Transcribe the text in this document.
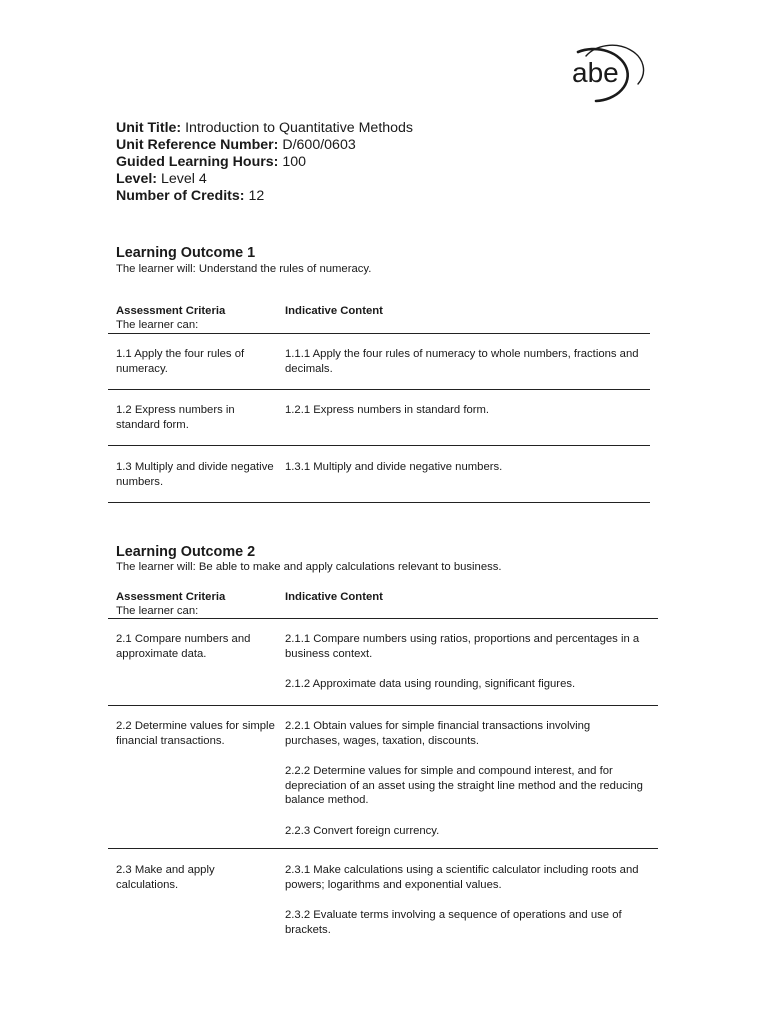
abe
Unit Title: Introduction to Quantitative Methods
Unit Reference Number: D/600/0603
Guided Learning Hours: 100
Level: Level 4
Number of Credits: 12
Learning Outcome 1
The learner will: Understand the rules of numeracy.
Assessment Criteria
The learner can:
Indicative Content
1.1 Apply the four rules of numeracy.
1.1.1 Apply the four rules of numeracy to whole numbers, fractions and decimals.
1.2 Express numbers in standard form.
1.2.1 Express numbers in standard form.
1.3 Multiply and divide negative numbers.
1.3.1 Multiply and divide negative numbers.
Learning Outcome 2
The learner will: Be able to make and apply calculations relevant to business.
Assessment Criteria
The learner can:
Indicative Content
2.1 Compare numbers and approximate data.
2.1.1 Compare numbers using ratios, proportions and percentages in a business context.
2.1.2 Approximate data using rounding, significant figures.
2.2 Determine values for simple financial transactions.
2.2.1 Obtain values for simple financial transactions involving purchases, wages, taxation, discounts.
2.2.2 Determine values for simple and compound interest, and for depreciation of an asset using the straight line method and the reducing balance method.
2.2.3 Convert foreign currency.
2.3 Make and apply calculations.
2.3.1 Make calculations using a scientific calculator including roots and powers; logarithms and exponential values.
2.3.2 Evaluate terms involving a sequence of operations and use of brackets.
